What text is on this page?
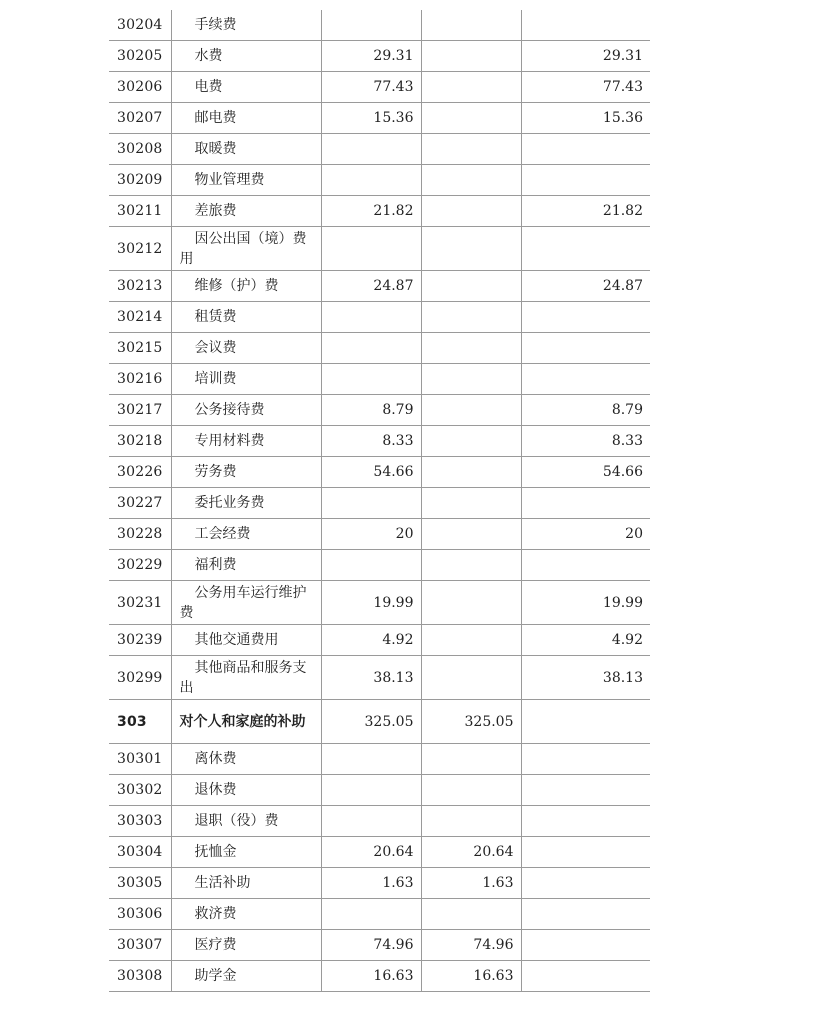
30204	手续费			
30205	水费	29.31		29.31
30206	电费	77.43		77.43
30207	邮电费	15.36		15.36
30208	取暖费			
30209	物业管理费			
30211	差旅费	21.82		21.82
30212	因公出国（境）费用			
30213	维修（护）费	24.87		24.87
30214	租赁费			
30215	会议费			
30216	培训费			
30217	公务接待费	8.79		8.79
30218	专用材料费	8.33		8.33
30226	劳务费	54.66		54.66
30227	委托业务费			
30228	工会经费	20		20
30229	福利费			
30231	公务用车运行维护费	19.99		19.99
30239	其他交通费用	4.92		4.92
30299	其他商品和服务支出	38.13		38.13
303	对个人和家庭的补助	325.05	325.05	
30301	离休费			
30302	退休费			
30303	退职（役）费			
30304	抚恤金	20.64	20.64	
30305	生活补助	1.63	1.63	
30306	救济费			
30307	医疗费	74.96	74.96	
30308	助学金	16.63	16.63	
